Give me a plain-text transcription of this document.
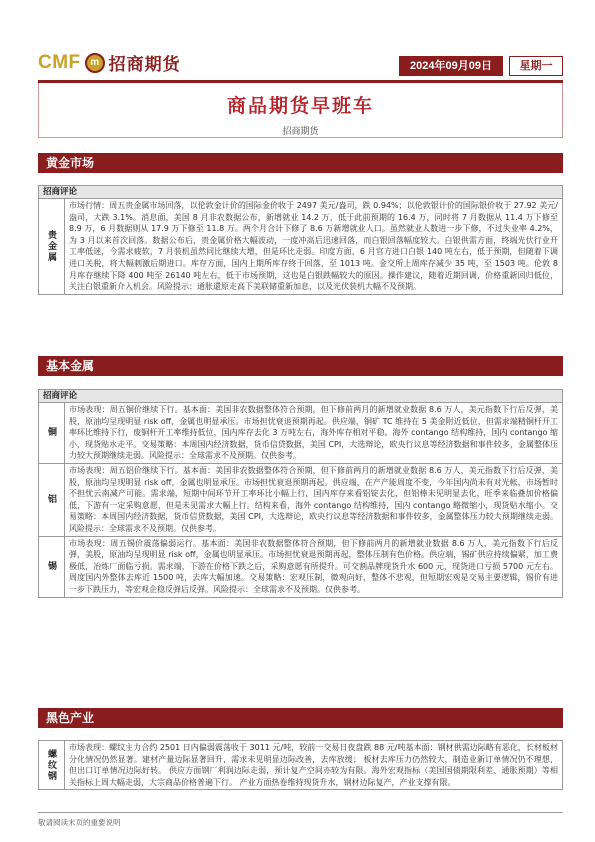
CMF m 招商期货	2024年09月09日	星期一
商品期货早班车
招商期货
黄金市场
招商评论
贵金属
市场行情：周五贵金属市场回落，以伦敦金计价的国际金价收于 2497 美元/盎司，跌 0.94%；以伦敦银计价的国际银价收于 27.92 美元/盎司，大跌 3.1%。消息面，美国 8 月非农数据公布，新增就业 14.2 万，低于此前预期的 16.4 万，同时将 7 月数据从 11.4 万下修至 8.9 万，6 月数据则从 17.9 万下修至 11.8 万。两个月合计下修了 8.6 万新增就业人口。虽然就业人数进一步下修，不过失业率 4.2%，为 3 月以来首次回落。数据公布后，贵金属价格大幅波动，一度冲高后迅速回落，而白银回落幅度较大。白银供需方面，终端光伏行业开工率低迷，今需求疲软，7 月装机虽然同比继续大增，但是环比走弱。印度方面，6 月官方进口白银 140 吨左右，低于预期，但随着下调进口关税，将大幅刺激后期进口。库存方面，国内上期所库存终于回落，至 1013 吨。金交所上周库存减少 35 吨，至 1503 吨。伦敦 8 月库存继续下降 400 吨至 26140 吨左右，低于市场预期，这也是白银跌幅较大的原因。操作建议，随着近期回调，价格重新回归低位，关注白银重新介入机会。风险提示：通胀還原走高下美联储重新加息，以及光伏装机大幅不及预期。
基本金属
招商评论
铜
市场表现：周五铜价继续下行。基本面：美国非农数据整体符合预期，但下修前两月的新增就业数据 8.6 万人，美元指数下行后反弹，美股，原油均呈现明显 risk off，金属也明显承压。市场担忧衰退预期再起。供应端，铜矿 TC 维持在 5 美金附近低位，但需求端精铜杆开工率环比维持下行，废铜杆开工率维持低位，国内库存去化 3 万吨左右，海外库存相对平稳。海外 contango 结构维持，国内 contango 缩小，现货贴水走平。交易策略：本周国内经济数据，货币信贷数据，美国 CPI，大选辩论，欧央行议息等经济数据和事件较多，金属整体压力较大预期继续走弱。风险提示：全球需求不及预期。仅供参考。
铝
市场表现：周五铝价继续下行。基本面：美国非农数据整体符合预期，但下修前两月的新增就业数据 8.6 万人，美元指数下行后反弹，美股，原油均呈现明显 risk off，金属也明显承压。市场担忧衰退预期再起。供应端，在产产能周度不变，今年国内尚未有对光帐，市场暂时不担忧云南减产可能。需求端，短期中间环节开工率环比小幅上行，国内库存来看铝锭去化，但铝棒未见明显去化，旺季来临叠加价格偏低，下游有一定采购意愿，但是未见需求大幅上行。结构来看，海外 contango 结构维持，国内 contango 略微缩小，现货贴水缩小。交易策略：本周国内经济数据，货币信贷数据，美国 CPI，大选辩论，欧央行议息等经济数据和事件较多，金属整体压力较大预期继续走弱。风险提示：全球需求不及预期。仅供参考。
锡
市场表现：周五锡价震荡偏弱运行。基本面：美国非农数据整体符合预期，但下修前两月的新增就业数据 8.6 万人，美元指数下行后反弹，美股，原油均呈现明显 risk off，金属也明显承压。市场担忧衰退预期再起，整体压制有色价格。供应端，锡矿供应持续偏紧，加工费极低，冶炼厂面临亏损。需求端，下游在价格下跌之后，采购意愿有所提升。可交割品牌现货升水 600 元，现货进口亏损 5700 元左右。周度国内外整体去库近 1500 吨，去库大幅加速。交易策略：宏观压制，微观向好，整体不悲观，但短期宏观是交易主要逻辑，锡价有进一步下跌压力，等宏观企稳反弹后反弹。风险提示：全球需求不及预期。仅供参考。
黑色产业
螺纹钢
市场表现：螺纹主力合约 2501 日内偏弱震荡收于 3011 元/吨，较前一交易日夜盘跌 88 元/吨基本面：钢材供需边际略有恶化，长材板材分化情况仍然显著。建材产量边际显著回升，需求未见明显边际改善，去库放缓； 板材去库压力仍然较大，制造业新订单情况仍不理想，但出口订单情况边际好转。 供应方面钢厂利润边际走弱，预计复产空间亦较为有限。海外宏观指标（美国国债期限利差、通胀预期）等相关指标上周大幅走弱，大宗商品价格普遍下行。 产业方面热卷维持现货升水，钢材边际复产，产业支撑有限。
敬请阅读末页的重要说明
